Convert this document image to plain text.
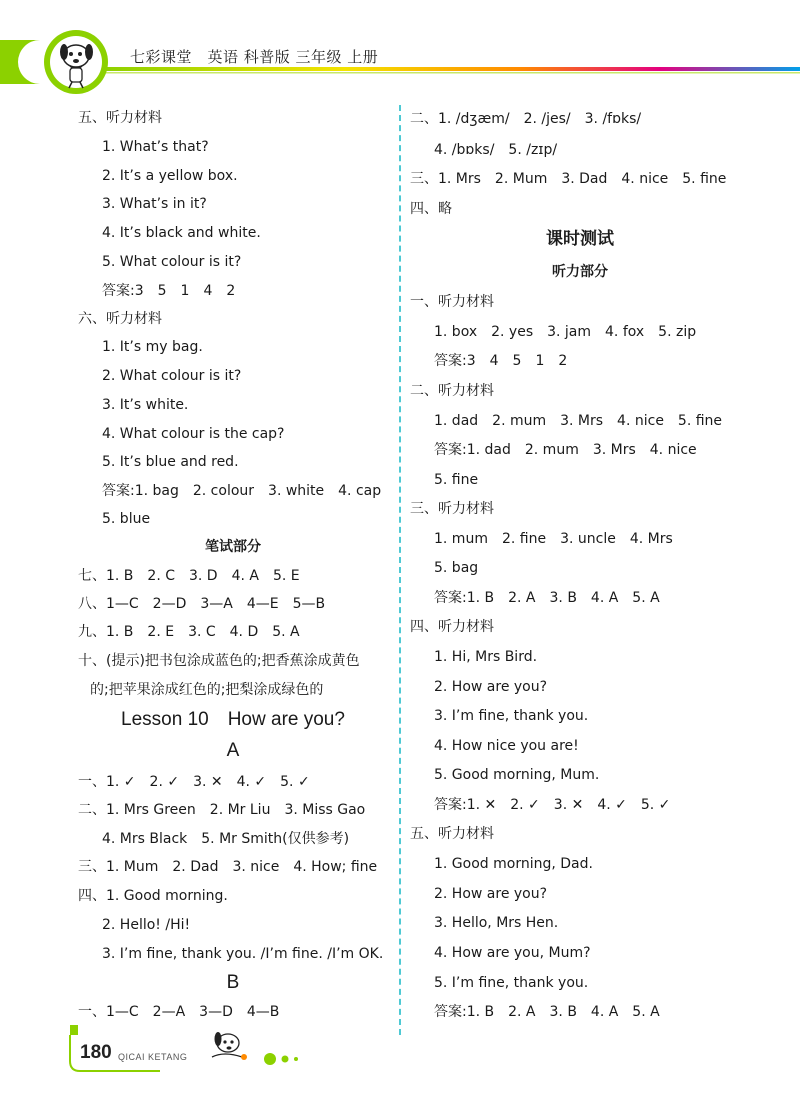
七彩课堂　英语 科普版 三年级 上册
五、听力材料
1. What’s that?
2. It’s a yellow box.
3. What’s in it?
4. It’s black and white.
5. What colour is it?
答案:3　5　1　4　2
六、听力材料
1. It’s my bag.
2. What colour is it?
3. It’s white.
4. What colour is the cap?
5. It’s blue and red.
答案:1. bag　2. colour　3. white　4. cap
5. blue
笔试部分
七、1. B　2. C　3. D　4. A　5. E
八、1—C　2—D　3—A　4—E　5—B
九、1. B　2. E　3. C　4. D　5. A
十、(提示)把书包涂成蓝色的;把香蕉涂成黄色
的;把苹果涂成红色的;把梨涂成绿色的
Lesson 10　How are you?
A
一、1. ✓　2. ✓　3. ✕　4. ✓　5. ✓
二、1. Mrs Green　2. Mr Liu　3. Miss Gao
4. Mrs Black　5. Mr Smith(仅供参考)
三、1. Mum　2. Dad　3. nice　4. How; fine
四、1. Good morning.
2. Hello! /Hi!
3. I’m fine, thank you. /I’m fine. /I’m OK.
B
一、1—C　2—A　3—D　4—B
二、1. /dʒæm/　2. /jes/　3. /fɒks/
4. /bɒks/　5. /zɪp/
三、1. Mrs　2. Mum　3. Dad　4. nice　5. fine
四、略
课时测试
听力部分
一、听力材料
1. box　2. yes　3. jam　4. fox　5. zip
答案:3　4　5　1　2
二、听力材料
1. dad　2. mum　3. Mrs　4. nice　5. fine
答案:1. dad　2. mum　3. Mrs　4. nice
5. fine
三、听力材料
1. mum　2. fine　3. uncle　4. Mrs
5. bag
答案:1. B　2. A　3. B　4. A　5. A
四、听力材料
1. Hi, Mrs Bird.
2. How are you?
3. I’m fine, thank you.
4. How nice you are!
5. Good morning, Mum.
答案:1. ✕　2. ✓　3. ✕　4. ✓　5. ✓
五、听力材料
1. Good morning, Dad.
2. How are you?
3. Hello, Mrs Hen.
4. How are you, Mum?
5. I’m fine, thank you.
答案:1. B　2. A　3. B　4. A　5. A
180 QICAI KETANG
